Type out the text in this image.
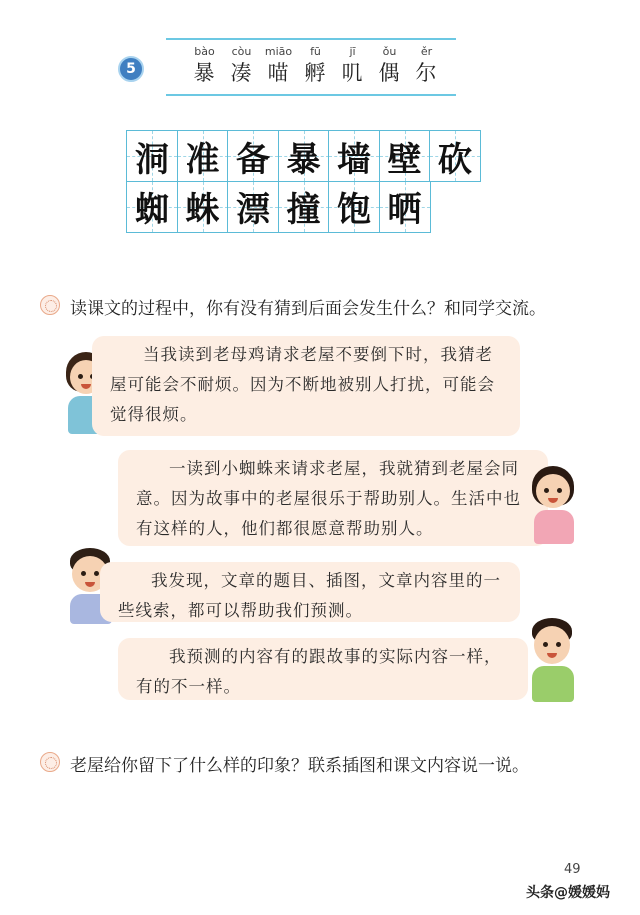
5
bào
暴
còu
凑
miāo
喵
fū
孵
jī
叽
ǒu
偶
ěr
尔
洞 准 备 暴 墙 壁 砍
蜘 蛛 漂 撞 饱 晒
读课文的过程中，你有没有猜到后面会发生什么？和同学交流。

当我读到老母鸡请求老屋不要倒下时，我猜老屋可能会不耐烦。因为不断地被别人打扰，可能会觉得很烦。

一读到小蜘蛛来请求老屋，我就猜到老屋会同意。因为故事中的老屋很乐于帮助别人。生活中也有这样的人，他们都很愿意帮助别人。

我发现，文章的题目、插图，文章内容里的一些线索，都可以帮助我们预测。

我预测的内容有的跟故事的实际内容一样，有的不一样。

老屋给你留下了什么样的印象？联系插图和课文内容说一说。
49
头条@媛媛妈
